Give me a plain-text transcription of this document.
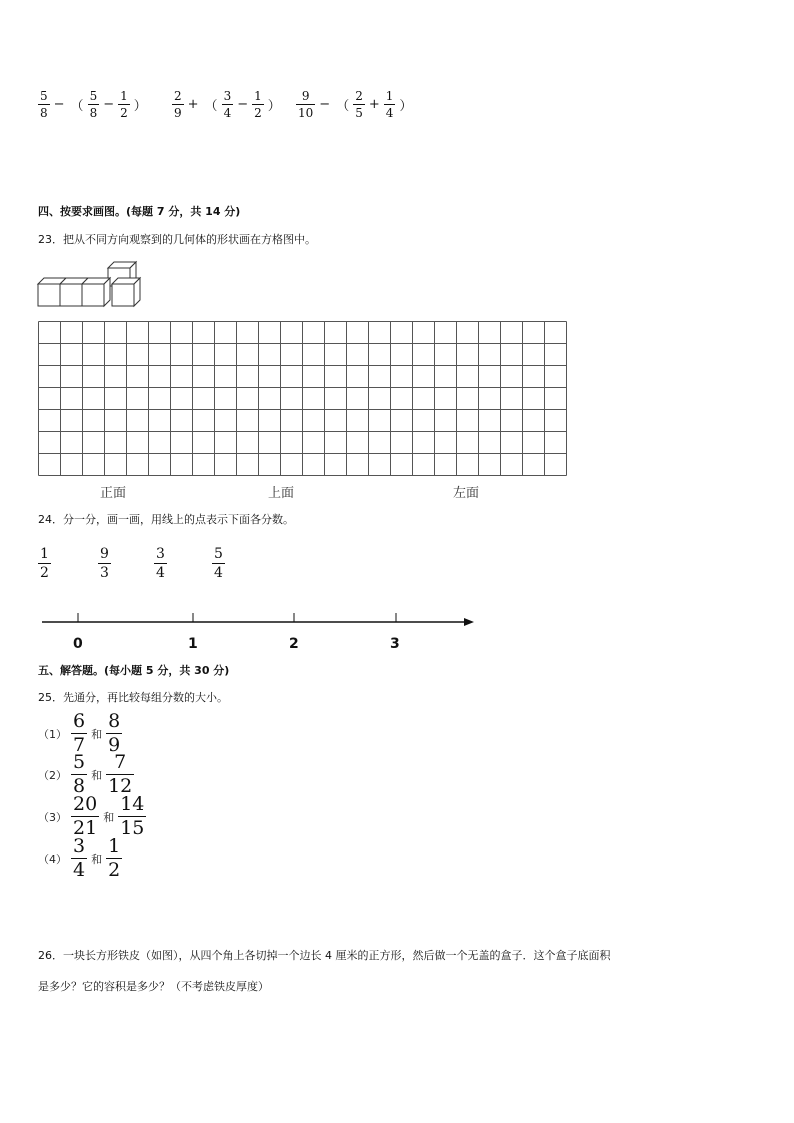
$\frac{5}{8}$ − （ $\frac{5}{8} - \frac{1}{2}$ ） $\frac{2}{9}$ + （ $\frac{3}{4} - \frac{1}{2}$ ） $\frac{9}{10}$ − （ $\frac{2}{5} + \frac{1}{4}$ ）
四、按要求画图。(每题 7 分，共 14 分)
23．把从不同方向观察到的几何体的形状画在方格图中。
正面	上面	左面
24．分一分，画一画，用线上的点表示下面各分数。
$\frac{1}{2}$	$\frac{9}{3}$	$\frac{3}{4}$	$\frac{5}{4}$
0	1	2	3
五、解答题。(每小题 5 分，共 30 分)
25．先通分，再比较每组分数的大小。
$(1) \frac{6}{7}$ 和 $\frac{8}{9}$
$(2) \frac{5}{8}$ 和 $\frac{7}{12}$
$(3) \frac{20}{21}$ 和 $\frac{14}{15}$
$(4) \frac{3}{4}$ 和 $\frac{1}{2}$
26．一块长方形铁皮（如图），从四个角上各切掉一个边长 4 厘米的正方形，然后做一个无盖的盒子．这个盒子底面积
是多少？它的容积是多少？（不考虑铁皮厚度）
